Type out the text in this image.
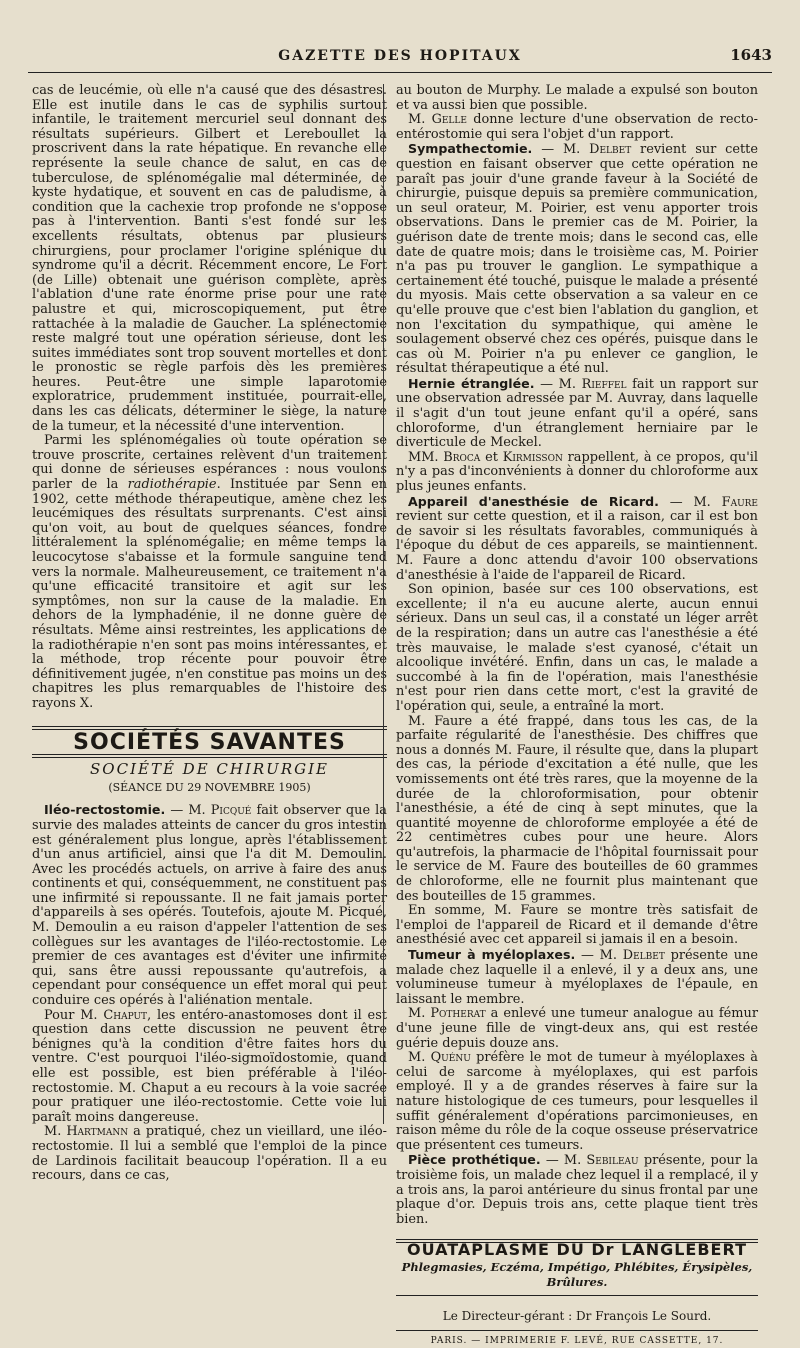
GAZETTE DES HOPITAUX	1643

cas de leucémie, où elle n'a causé que des désastres. Elle est inutile dans le cas de syphilis surtout infantile, le traitement mercuriel seul donnant des résultats supérieurs. Gilbert et Lereboullet la proscrivent dans la rate hépatique. En revanche elle représente la seule chance de salut, en cas de tuberculose, de splénomégalie mal déterminée, de kyste hydatique, et souvent en cas de paludisme, à condition que la cachexie trop profonde ne s'oppose pas à l'intervention. Banti s'est fondé sur les excellents résultats, obtenus par plusieurs chirurgiens, pour proclamer l'origine splénique du syndrome qu'il a décrit. Récemment encore, Le Fort (de Lille) obtenait une guérison complète, après l'ablation d'une rate énorme prise pour une rate palustre et qui, microscopiquement, put être rattachée à la maladie de Gaucher. La splénectomie reste malgré tout une opération sérieuse, dont les suites immédiates sont trop souvent mortelles et dont le pronostic se règle parfois dès les premières heures. Peut-être une simple laparotomie exploratrice, prudemment instituée, pourrait-elle, dans les cas délicats, déterminer le siège, la nature de la tumeur, et la nécessité d'une intervention.

Parmi les splénomégalies où toute opération se trouve proscrite, certaines relèvent d'un traitement qui donne de sérieuses espérances : nous voulons parler de la radiothérapie. Instituée par Senn en 1902, cette méthode thérapeutique, amène chez les leucémiques des résultats surprenants. C'est ainsi qu'on voit, au bout de quelques séances, fondre littéralement la splénomégalie; en même temps la leucocytose s'abaisse et la formule sanguine tend vers la normale. Malheureusement, ce traitement n'a qu'une efficacité transitoire et agit sur les symptômes, non sur la cause de la maladie. En dehors de la lymphadénie, il ne donne guère de résultats. Même ainsi restreintes, les applications de la radiothérapie n'en sont pas moins intéressantes, et la méthode, trop récente pour pouvoir être définitivement jugée, n'en constitue pas moins un des chapitres les plus remarquables de l'histoire des rayons X.

SOCIÉTÉS SAVANTES
SOCIÉTÉ DE CHIRURGIE
(SÉANCE DU 29 NOVEMBRE 1905)

Iléo-rectostomie. — M. Picqué fait observer que la survie des malades atteints de cancer du gros intestin est généralement plus longue, après l'établissement d'un anus artificiel, ainsi que l'a dit M. Demoulin. Avec les procédés actuels, on arrive à faire des anus continents et qui, conséquemment, ne constituent pas une infirmité si repoussante. Il ne fait jamais porter d'appareils à ses opérés. Toutefois, ajoute M. Picqué, M. Demoulin a eu raison d'appeler l'attention de ses collègues sur les avantages de l'iléo-rectostomie. Le premier de ces avantages est d'éviter une infirmité qui, sans être aussi repoussante qu'autrefois, a cependant pour conséquence un effet moral qui peut conduire ces opérés à l'aliénation mentale.

Pour M. Chaput, les entéro-anastomoses dont il est question dans cette discussion ne peuvent être bénignes qu'à la condition d'être faites hors du ventre. C'est pourquoi l'iléo-sigmoïdostomie, quand elle est possible, est bien préférable à l'iléo-rectostomie. M. Chaput a eu recours à la voie sacrée pour pratiquer une iléo-rectostomie. Cette voie lui paraît moins dangereuse.

M. Hartmann a pratiqué, chez un vieillard, une iléo-rectostomie. Il lui a semblé que l'emploi de la pince de Lardinois facilitait beaucoup l'opération. Il a eu recours, dans ce cas,

au bouton de Murphy. Le malade a expulsé son bouton et va aussi bien que possible.

M. Gelle donne lecture d'une observation de recto-entérostomie qui sera l'objet d'un rapport.

Sympathectomie. — M. Delbet revient sur cette question en faisant observer que cette opération ne paraît pas jouir d'une grande faveur à la Société de chirurgie, puisque depuis sa première communication, un seul orateur, M. Poirier, est venu apporter trois observations. Dans le premier cas de M. Poirier, la guérison date de trente mois; dans le second cas, elle date de quatre mois; dans le troisième cas, M. Poirier n'a pas pu trouver le ganglion. Le sympathique a certainement été touché, puisque le malade a présenté du myosis. Mais cette observation a sa valeur en ce qu'elle prouve que c'est bien l'ablation du ganglion, et non l'excitation du sympathique, qui amène le soulagement observé chez ces opérés, puisque dans le cas où M. Poirier n'a pu enlever ce ganglion, le résultat thérapeutique a été nul.

Hernie étranglée. — M. Rieffel fait un rapport sur une observation adressée par M. Auvray, dans laquelle il s'agit d'un tout jeune enfant qu'il a opéré, sans chloroforme, d'un étranglement herniaire par le diverticule de Meckel.

MM. Broca et Kirmisson rappellent, à ce propos, qu'il n'y a pas d'inconvénients à donner du chloroforme aux plus jeunes enfants.

Appareil d'anesthésie de Ricard. — M. Faure revient sur cette question, et il a raison, car il est bon de savoir si les résultats favorables, communiqués à l'époque du début de ces appareils, se maintiennent. M. Faure a donc attendu d'avoir 100 observations d'anesthésie à l'aide de l'appareil de Ricard.

Son opinion, basée sur ces 100 observations, est excellente; il n'a eu aucune alerte, aucun ennui sérieux. Dans un seul cas, il a constaté un léger arrêt de la respiration; dans un autre cas l'anesthésie a été très mauvaise, le malade s'est cyanosé, c'était un alcoolique invétéré. Enfin, dans un cas, le malade a succombé à la fin de l'opération, mais l'anesthésie n'est pour rien dans cette mort, c'est la gravité de l'opération qui, seule, a entraîné la mort.

M. Faure a été frappé, dans tous les cas, de la parfaite régularité de l'anesthésie. Des chiffres que nous a donnés M. Faure, il résulte que, dans la plupart des cas, la période d'excitation a été nulle, que les vomissements ont été très rares, que la moyenne de la durée de la chloroformisation, pour obtenir l'anesthésie, a été de cinq à sept minutes, que la quantité moyenne de chloroforme employée a été de 22 centimètres cubes pour une heure. Alors qu'autrefois, la pharmacie de l'hôpital fournissait pour le service de M. Faure des bouteilles de 60 grammes de chloroforme, elle ne fournit plus maintenant que des bouteilles de 15 grammes.

En somme, M. Faure se montre très satisfait de l'emploi de l'appareil de Ricard et il demande d'être anesthésié avec cet appareil si jamais il en a besoin.

Tumeur à myéloplaxes. — M. Delbet présente une malade chez laquelle il a enlevé, il y a deux ans, une volumineuse tumeur à myéloplaxes de l'épaule, en laissant le membre.

M. Potherat a enlevé une tumeur analogue au fémur d'une jeune fille de vingt-deux ans, qui est restée guérie depuis douze ans.

M. Quénu préfère le mot de tumeur à myéloplaxes à celui de sarcome à myéloplaxes, qui est parfois employé. Il y a de grandes réserves à faire sur la nature histologique de ces tumeurs, pour lesquelles il suffit généralement d'opérations parcimonieuses, en raison même du rôle de la coque osseuse préservatrice que présentent ces tumeurs.

Pièce prothétique. — M. Sebileau présente, pour la troisième fois, un malade chez lequel il a remplacé, il y a trois ans, la paroi antérieure du sinus frontal par une plaque d'or. Depuis trois ans, cette plaque tient très bien.

OUATAPLASME DU Dr LANGLEBERT
Phlegmasies, Eczéma, Impétigo, Phlébites, Érysipèles, Brûlures.
Le Directeur-gérant : Dr François Le Sourd.
PARIS. — IMPRIMERIE F. LEVÉ, RUE CASSETTE, 17.
